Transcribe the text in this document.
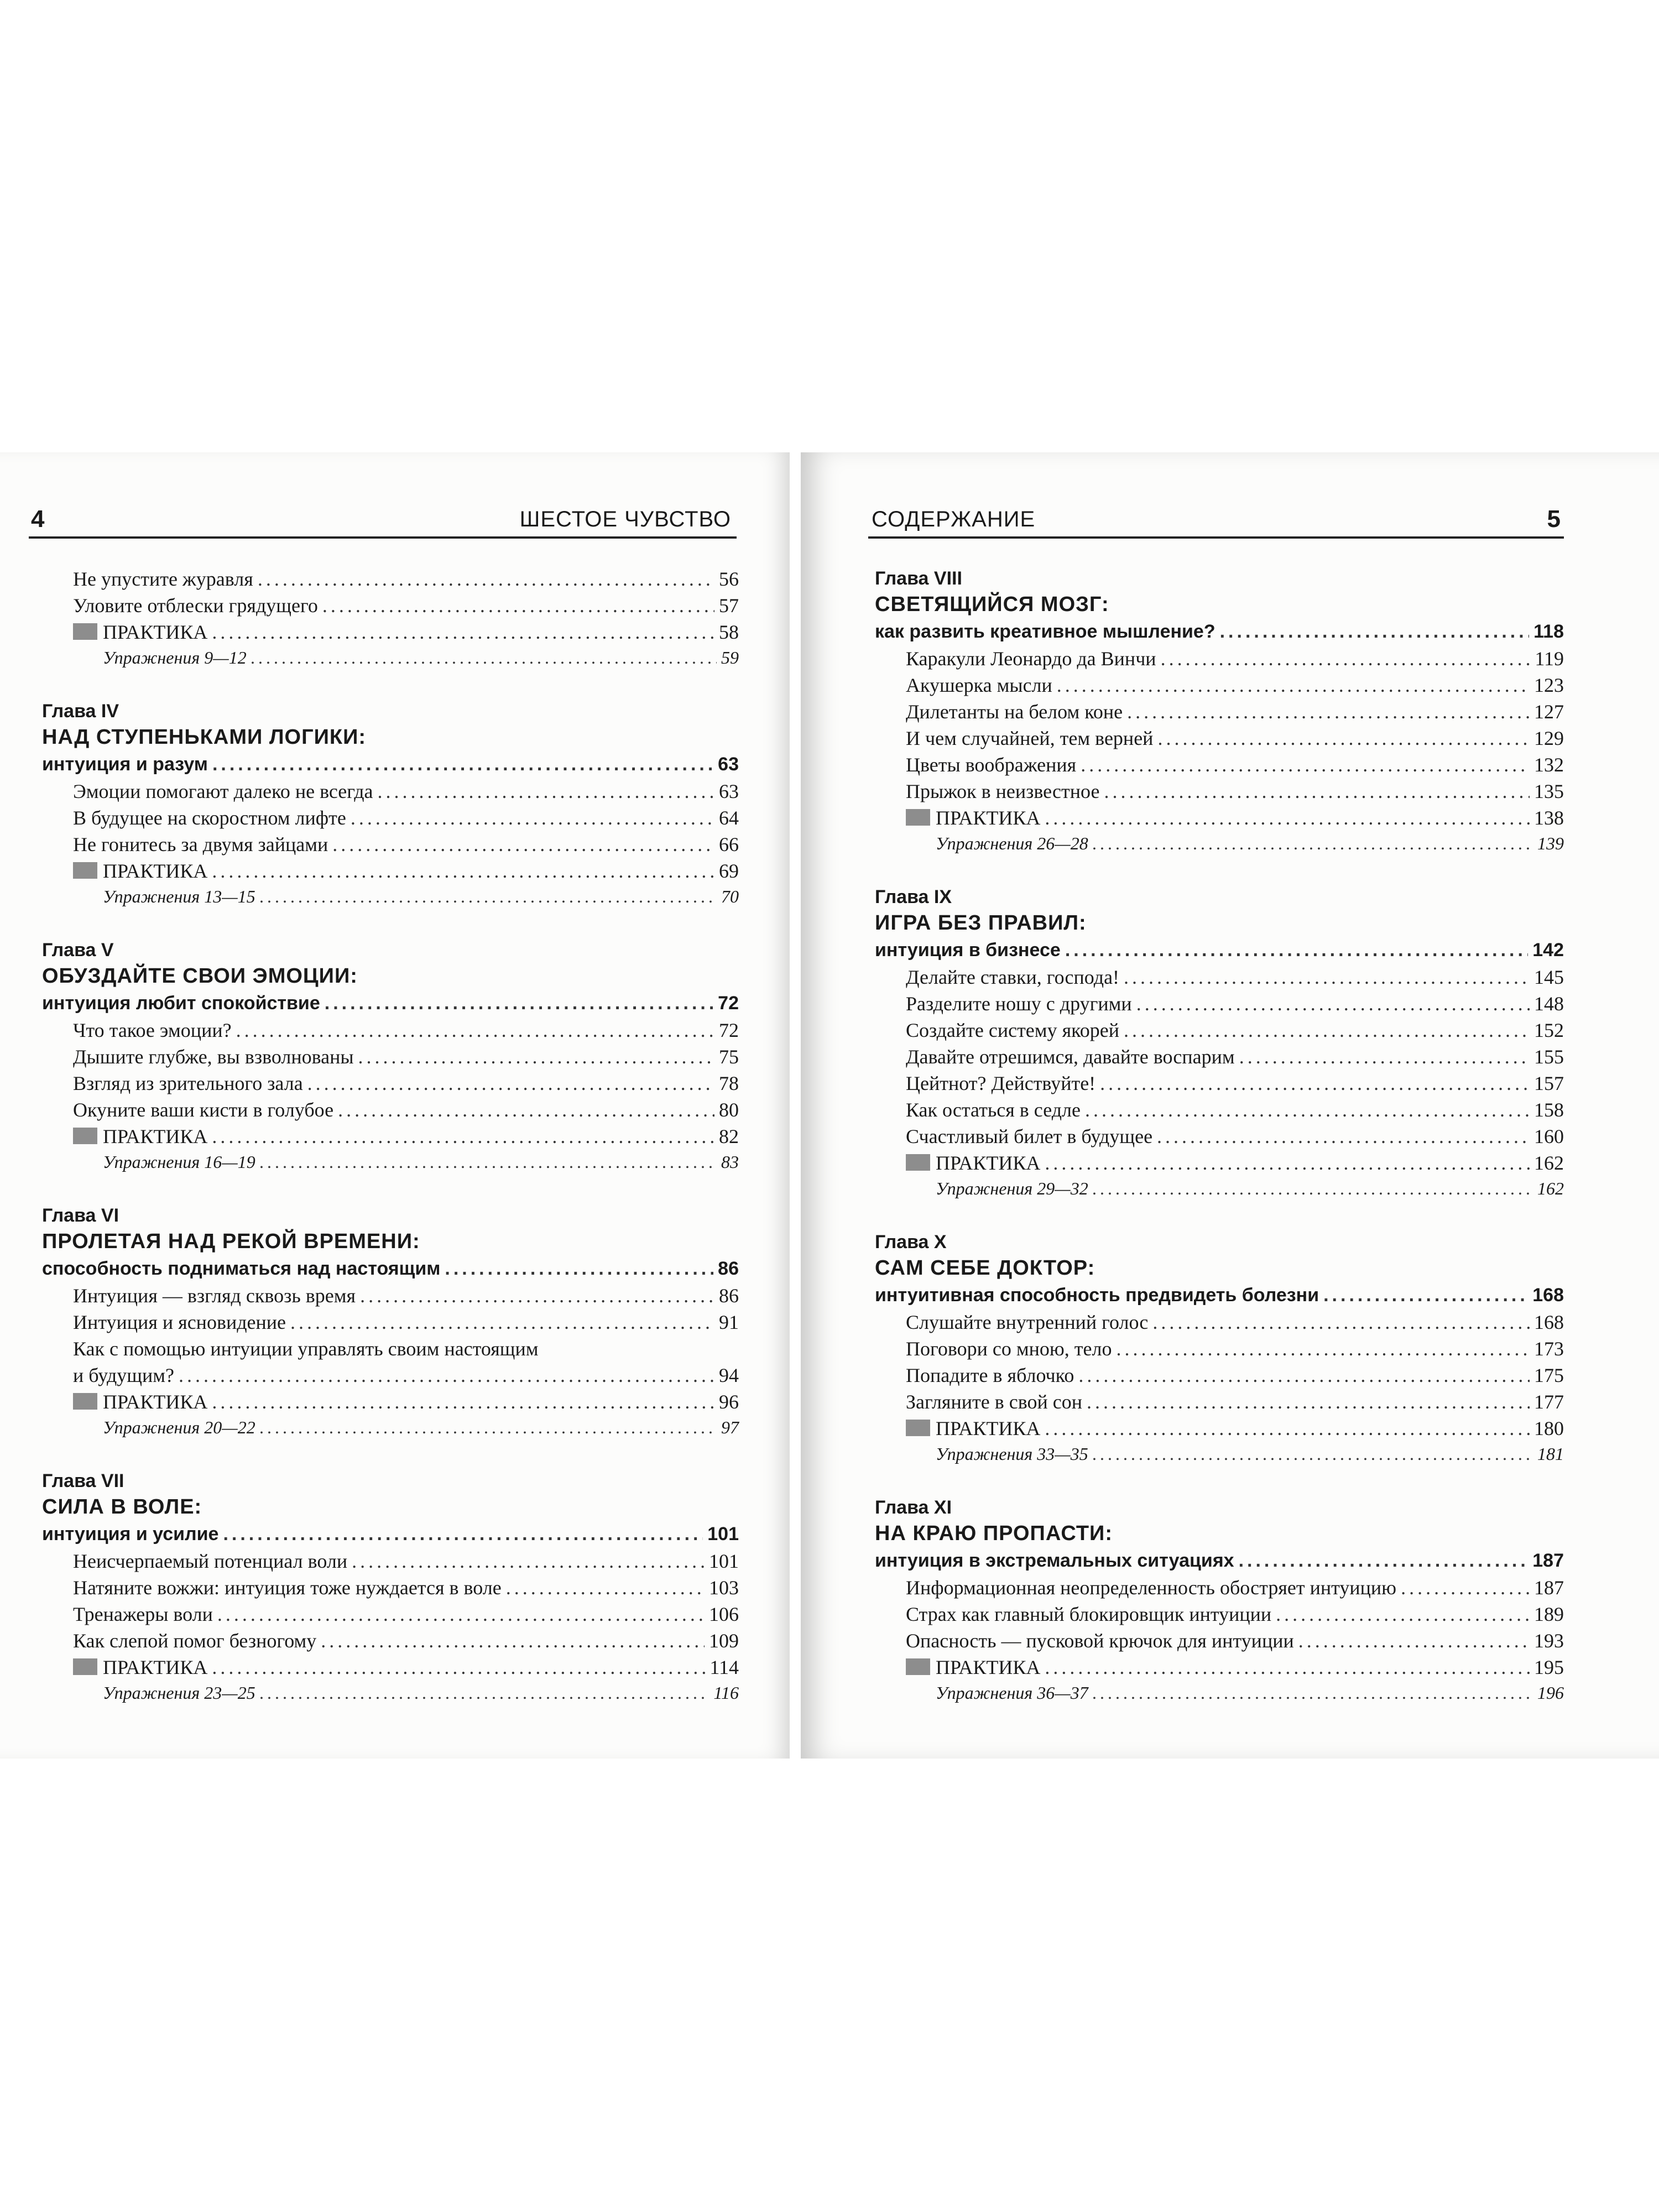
4	ШЕСТОЕ ЧУВСТВО
Не упустите журавля .....	56
Уловите отблески грядущего .....	57
ПРАКТИКА .....	58
Упражнения 9—12 .....	59
Глава IV
НАД СТУПЕНЬКАМИ ЛОГИКИ:
интуиция и разум .....	63
Эмоции помогают далеко не всегда .....	63
В будущее на скоростном лифте .....	64
Не гонитесь за двумя зайцами .....	66
ПРАКТИКА .....	69
Упражнения 13—15 .....	70
Глава V
ОБУЗДАЙТЕ СВОИ ЭМОЦИИ:
интуиция любит спокойствие .....	72
Что такое эмоции? .....	72
Дышите глубже, вы взволнованы .....	75
Взгляд из зрительного зала .....	78
Окуните ваши кисти в голубое .....	80
ПРАКТИКА .....	82
Упражнения 16—19 .....	83
Глава VI
ПРОЛЕТАЯ НАД РЕКОЙ ВРЕМЕНИ:
способность подниматься над настоящим .....	86
Интуиция — взгляд сквозь время .....	86
Интуиция и ясновидение .....	91
Как с помощью интуиции управлять своим настоящим
и будущим? .....	94
ПРАКТИКА .....	96
Упражнения 20—22 .....	97
Глава VII
СИЛА В ВОЛЕ:
интуиция и усилие .....	101
Неисчерпаемый потенциал воли .....	101
Натяните вожжи: интуиция тоже нуждается в воле .....	103
Тренажеры воли .....	106
Как слепой помог безногому .....	109
ПРАКТИКА .....	114
Упражнения 23—25 .....	116
СОДЕРЖАНИЕ	5
Глава VIII
СВЕТЯЩИЙСЯ МОЗГ:
как развить креативное мышление? .....	118
Каракули Леонардо да Винчи .....	119
Акушерка мысли .....	123
Дилетанты на белом коне .....	127
И чем случайней, тем верней .....	129
Цветы воображения .....	132
Прыжок в неизвестное .....	135
ПРАКТИКА .....	138
Упражнения 26—28 .....	139
Глава IX
ИГРА БЕЗ ПРАВИЛ:
интуиция в бизнесе .....	142
Делайте ставки, господа! .....	145
Разделите ношу с другими .....	148
Создайте систему якорей .....	152
Давайте отрешимся, давайте воспарим .....	155
Цейтнот? Действуйте! .....	157
Как остаться в седле .....	158
Счастливый билет в будущее .....	160
ПРАКТИКА .....	162
Упражнения 29—32 .....	162
Глава X
САМ СЕБЕ ДОКТОР:
интуитивная способность предвидеть болезни .....	168
Слушайте внутренний голос .....	168
Поговори со мною, тело .....	173
Попадите в яблочко .....	175
Загляните в свой сон .....	177
ПРАКТИКА .....	180
Упражнения 33—35 .....	181
Глава XI
НА КРАЮ ПРОПАСТИ:
интуиция в экстремальных ситуациях .....	187
Информационная неопределенность обостряет интуицию .....	187
Страх как главный блокировщик интуиции .....	189
Опасность — пусковой крючок для интуиции .....	193
ПРАКТИКА .....	195
Упражнения 36—37 .....	196
